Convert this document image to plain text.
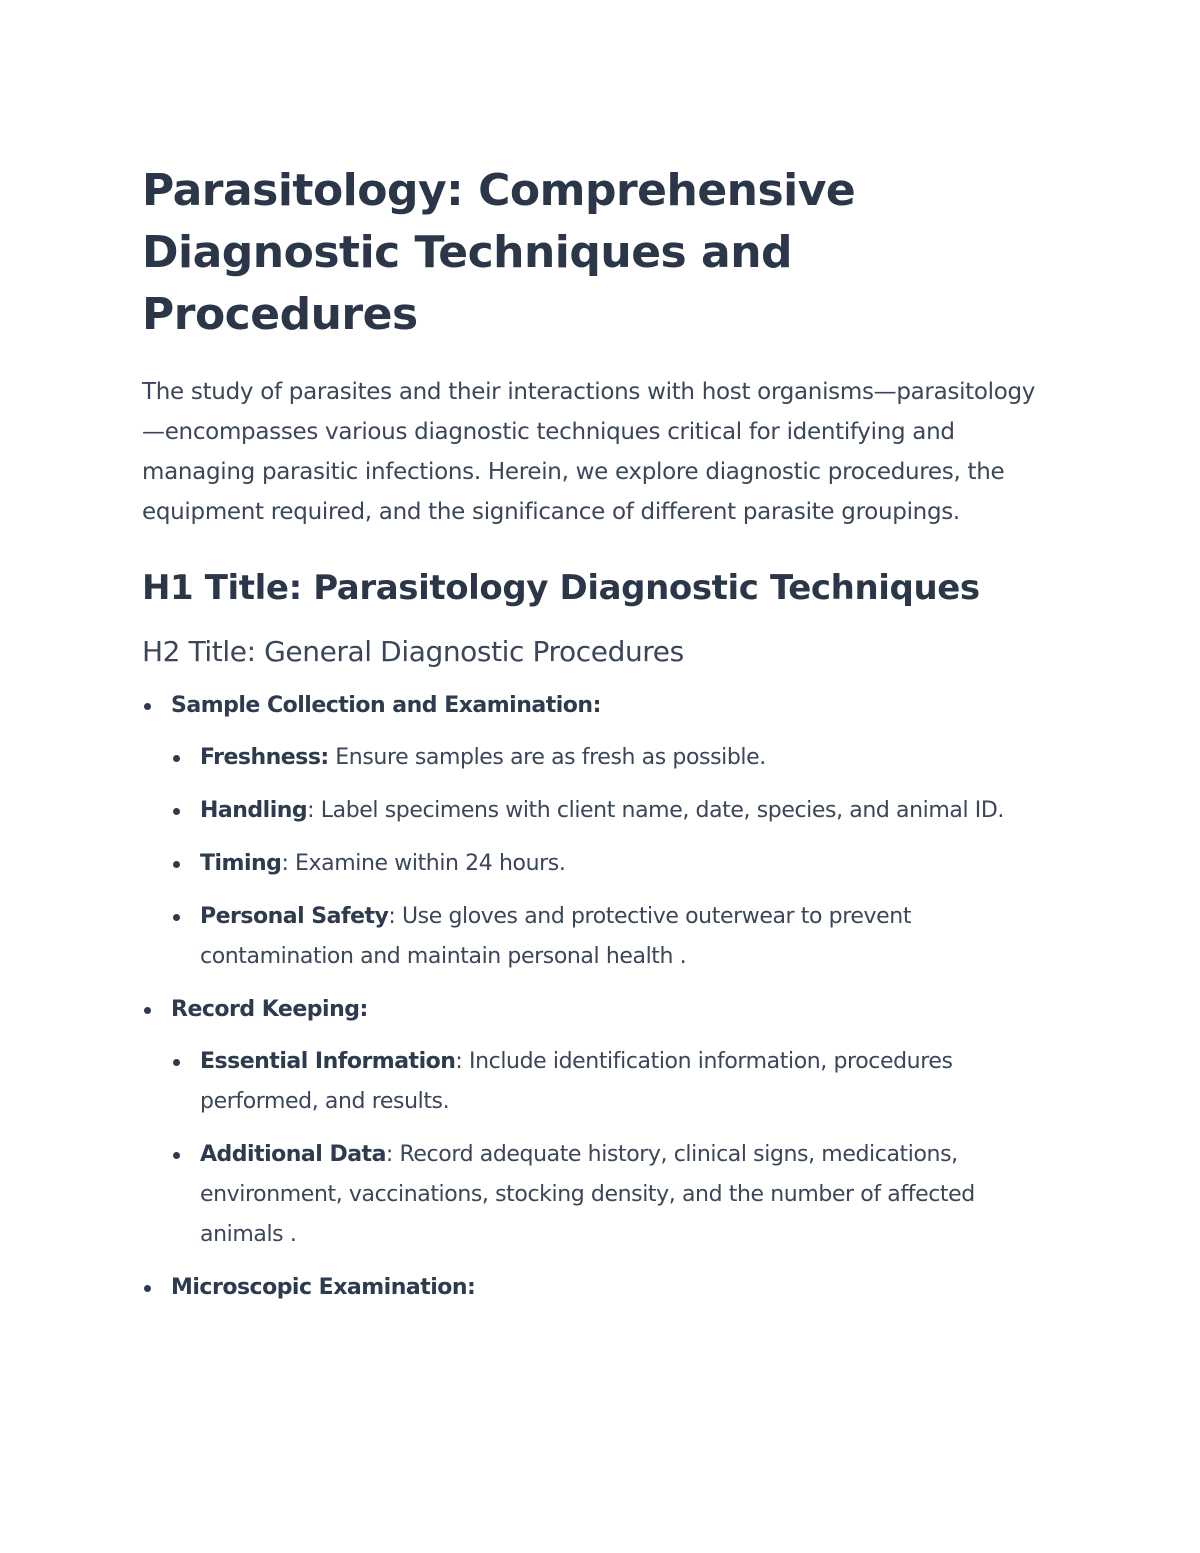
Parasitology: Comprehensive Diagnostic Techniques and Procedures

The study of parasites and their interactions with host organisms—parasitology—encompasses various diagnostic techniques critical for identifying and managing parasitic infections. Herein, we explore diagnostic procedures, the equipment required, and the significance of different parasite groupings.

H1 Title: Parasitology Diagnostic Techniques
H2 Title: General Diagnostic Procedures
Sample Collection and Examination:
Freshness: Ensure samples are as fresh as possible.
Handling: Label specimens with client name, date, species, and animal ID.
Timing: Examine within 24 hours.
Personal Safety: Use gloves and protective outerwear to prevent contamination and maintain personal health .
Record Keeping:
Essential Information: Include identification information, procedures performed, and results.
Additional Data: Record adequate history, clinical signs, medications, environment, vaccinations, stocking density, and the number of affected animals .
Microscopic Examination:
